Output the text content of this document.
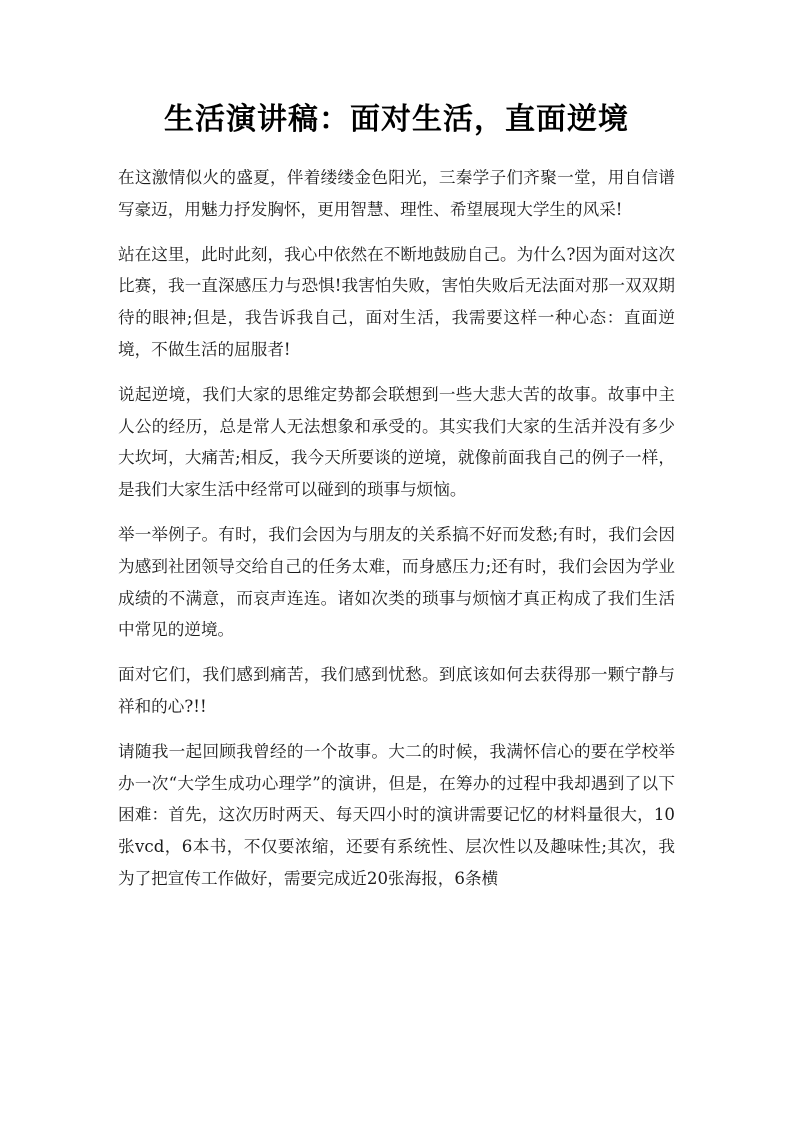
生活演讲稿：面对生活，直面逆境

在这激情似火的盛夏，伴着缕缕金色阳光，三秦学子们齐聚一堂，用自信谱写豪迈，用魅力抒发胸怀，更用智慧、理性、希望展现大学生的风采!

站在这里，此时此刻，我心中依然在不断地鼓励自己。为什么?因为面对这次比赛，我一直深感压力与恐惧!我害怕失败，害怕失败后无法面对那一双双期待的眼神;但是，我告诉我自己，面对生活，我需要这样一种心态：直面逆境，不做生活的屈服者!

说起逆境，我们大家的思维定势都会联想到一些大悲大苦的故事。故事中主人公的经历，总是常人无法想象和承受的。其实我们大家的生活并没有多少大坎坷，大痛苦;相反，我今天所要谈的逆境，就像前面我自己的例子一样，是我们大家生活中经常可以碰到的琐事与烦恼。

举一举例子。有时，我们会因为与朋友的关系搞不好而发愁;有时，我们会因为感到社团领导交给自己的任务太难，而身感压力;还有时，我们会因为学业成绩的不满意，而哀声连连。诸如次类的琐事与烦恼才真正构成了我们生活中常见的逆境。

面对它们，我们感到痛苦，我们感到忧愁。到底该如何去获得那一颗宁静与祥和的心?!!

请随我一起回顾我曾经的一个故事。大二的时候，我满怀信心的要在学校举办一次“大学生成功心理学”的演讲，但是，在筹办的过程中我却遇到了以下困难：首先，这次历时两天、每天四小时的演讲需要记忆的材料量很大，10张vcd，6本书，不仅要浓缩，还要有系统性、层次性以及趣味性;其次，我为了把宣传工作做好，需要完成近20张海报，6条横
